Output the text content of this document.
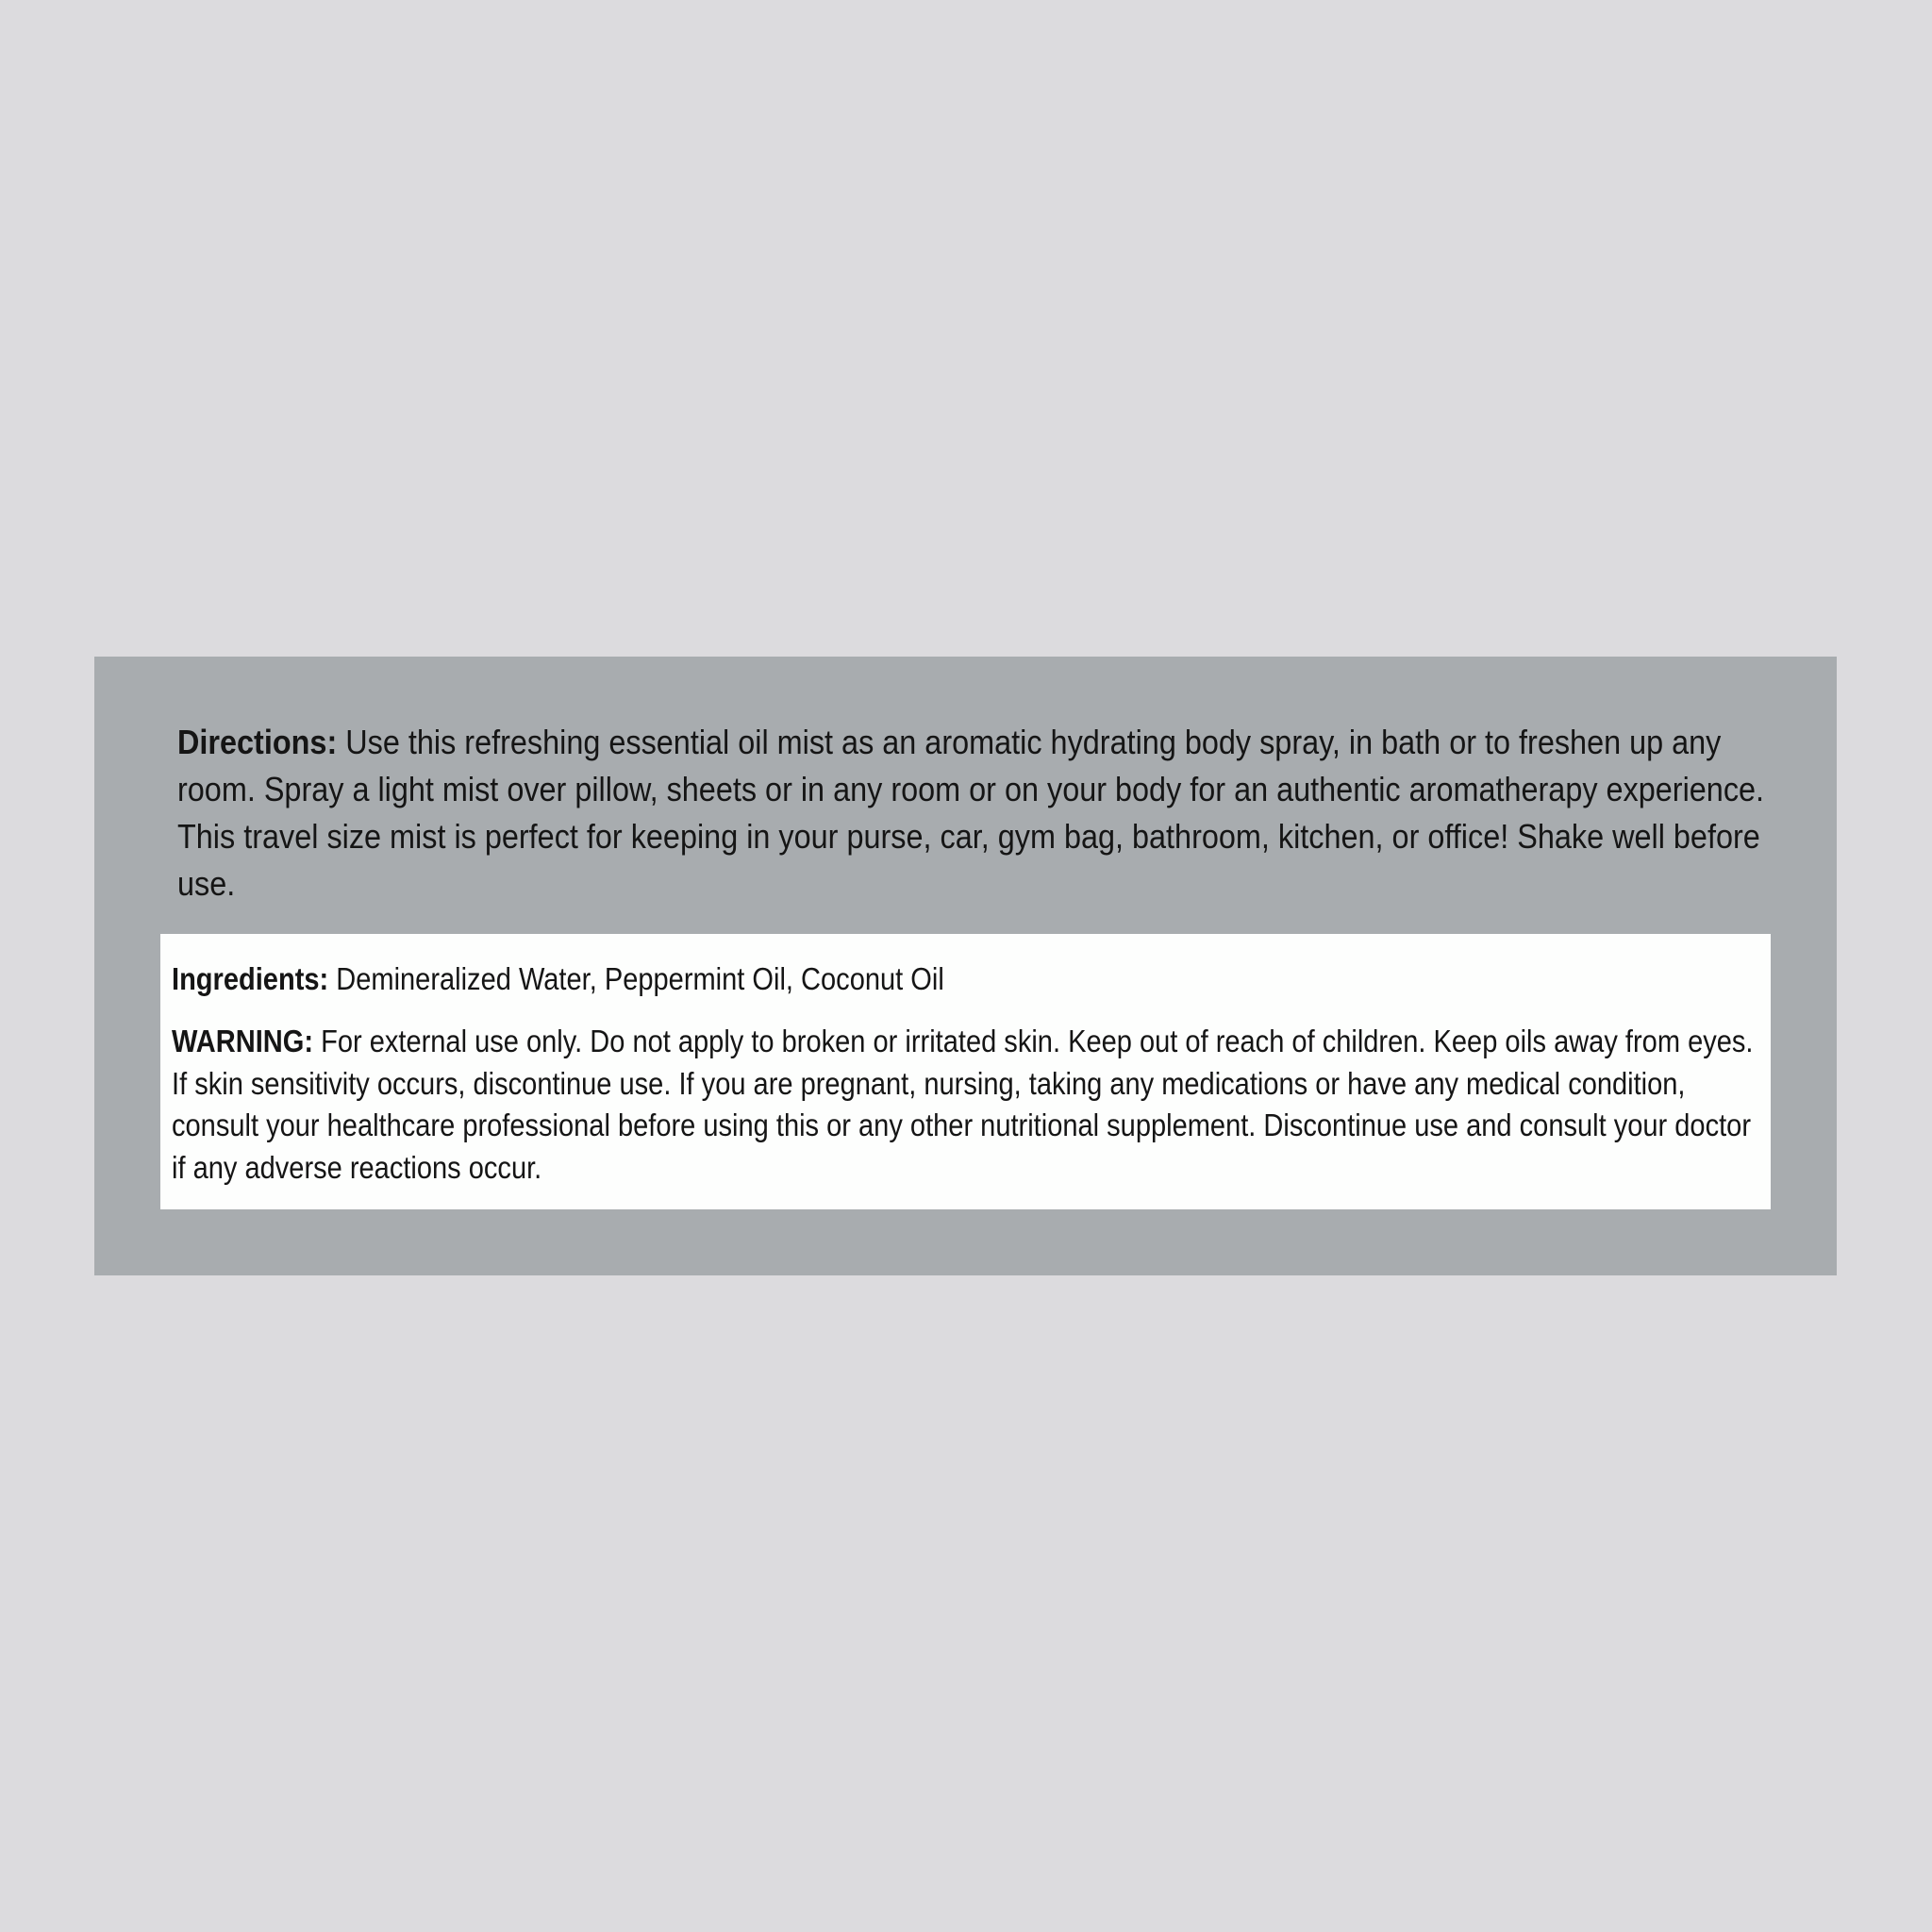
Directions: Use this refreshing essential oil mist as an aromatic hydrating body spray, in bath or to freshen up any room. Spray a light mist over pillow, sheets or in any room or on your body for an authentic aromatherapy experience. This travel size mist is perfect for keeping in your purse, car, gym bag, bathroom, kitchen, or office! Shake well before use.

Ingredients: Demineralized Water, Peppermint Oil, Coconut Oil

WARNING: For external use only. Do not apply to broken or irritated skin. Keep out of reach of children. Keep oils away from eyes. If skin sensitivity occurs, discontinue use. If you are pregnant, nursing, taking any medications or have any medical condition, consult your healthcare professional before using this or any other nutritional supplement. Discontinue use and consult your doctor if any adverse reactions occur.
